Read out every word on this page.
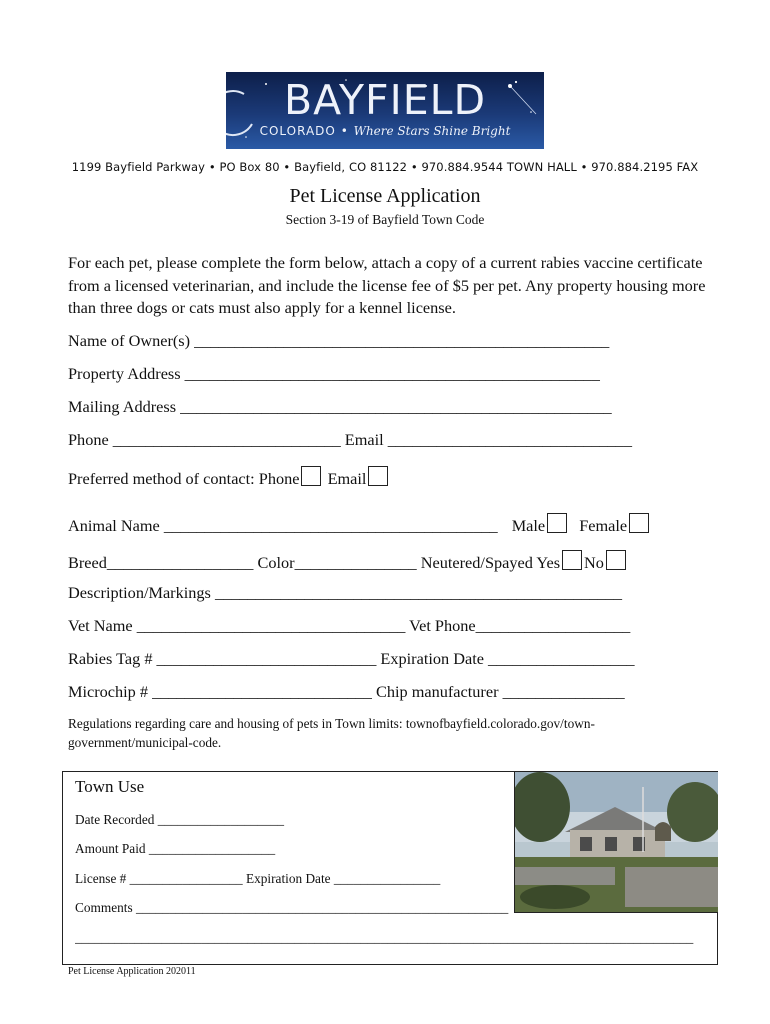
BAYFIELD
COLORADO • Where Stars Shine Bright
1199 Bayfield Parkway • PO Box 80 • Bayfield, CO 81122 • 970.884.9544 TOWN HALL • 970.884.2195 FAX
Pet License Application
Section 3-19 of Bayfield Town Code
For each pet, please complete the form below, attach a copy of a current rabies vaccine certificate from a licensed veterinarian, and include the license fee of $5 per pet. Any property housing more than three dogs or cats must also apply for a kennel license.
Name of Owner(s) ___________________________________________________
Property Address ___________________________________________________
Mailing Address _____________________________________________________
Phone ____________________________ Email ______________________________
Preferred method of contact: Phone Email
Animal Name _________________________________________ Male Female
Breed__________________ Color_______________ Neutered/Spayed Yes No
Description/Markings __________________________________________________
Vet Name _________________________________ Vet Phone___________________
Rabies Tag # ___________________________ Expiration Date __________________
Microchip # ___________________________ Chip manufacturer _______________
Regulations regarding care and housing of pets in Town limits: townofbayfield.colorado.gov/town-government/municipal-code.
Town Use
Date Recorded ___________________
Amount Paid ___________________
License # _________________ Expiration Date ________________
Comments ________________________________________________________
_____________________________________________________________________________________________
Pet License Application 202011
